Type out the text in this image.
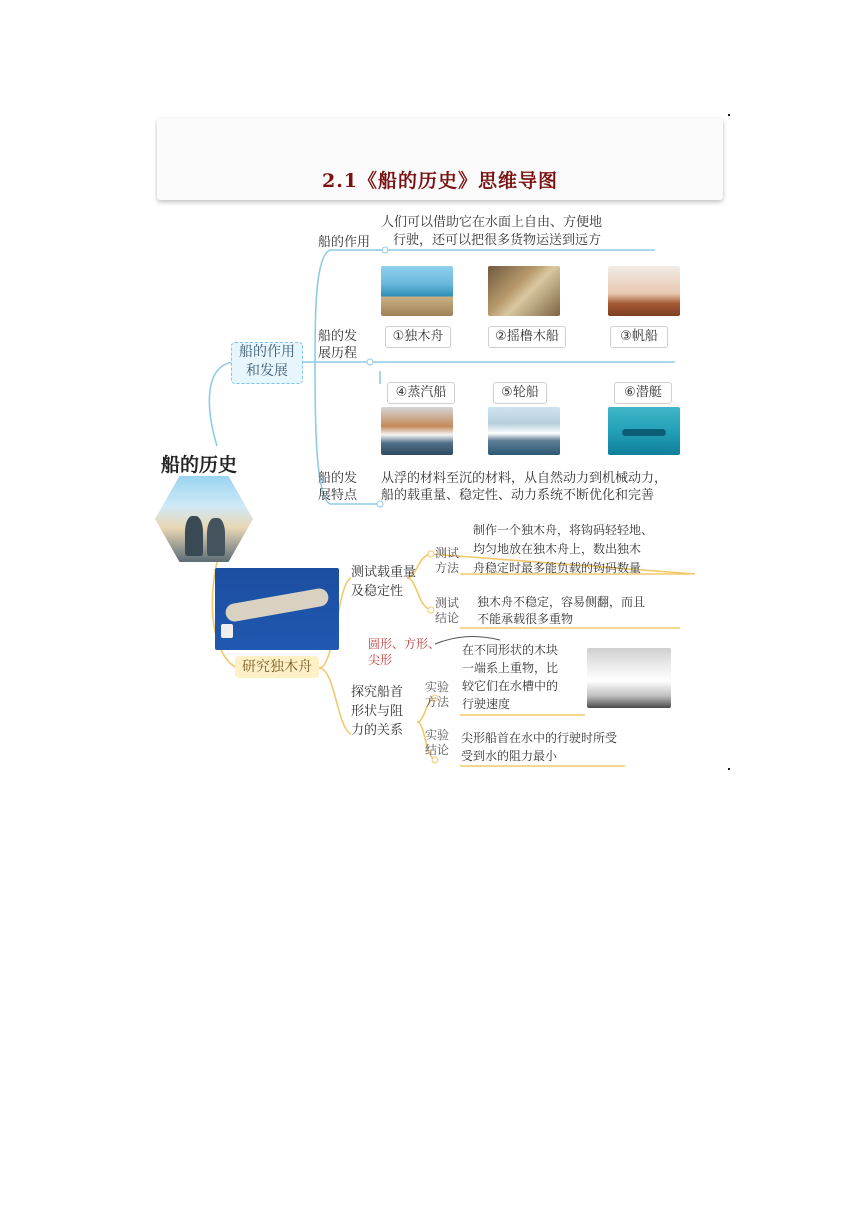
2.1《船的历史》思维导图
船的历史
船的作用
和发展
船的作用
人们可以借助它在水面上自由、方便地
行驶，还可以把很多货物运送到远方
船的发
展历程
①独木舟	②摇橹木船	③帆船
④蒸汽船	⑤轮船	⑥潜艇
船的发
展特点
从浮的材料至沉的材料，从自然动力到机械动力，
船的载重量、稳定性、动力系统不断优化和完善
研究独木舟
测试载重量
及稳定性
测试
方法
制作一个独木舟，将钩码轻轻地、
均匀地放在独木舟上，数出独木
舟稳定时最多能负载的钩码数量
测试
结论
独木舟不稳定，容易侧翻，而且
不能承载很多重物
圆形、方形、
尖形
探究船首
形状与阻
力的关系
实验
方法
在不同形状的木块
一端系上重物，比
较它们在水槽中的
行驶速度
实验
结论
尖形船首在水中的行驶时所受
受到水的阻力最小
